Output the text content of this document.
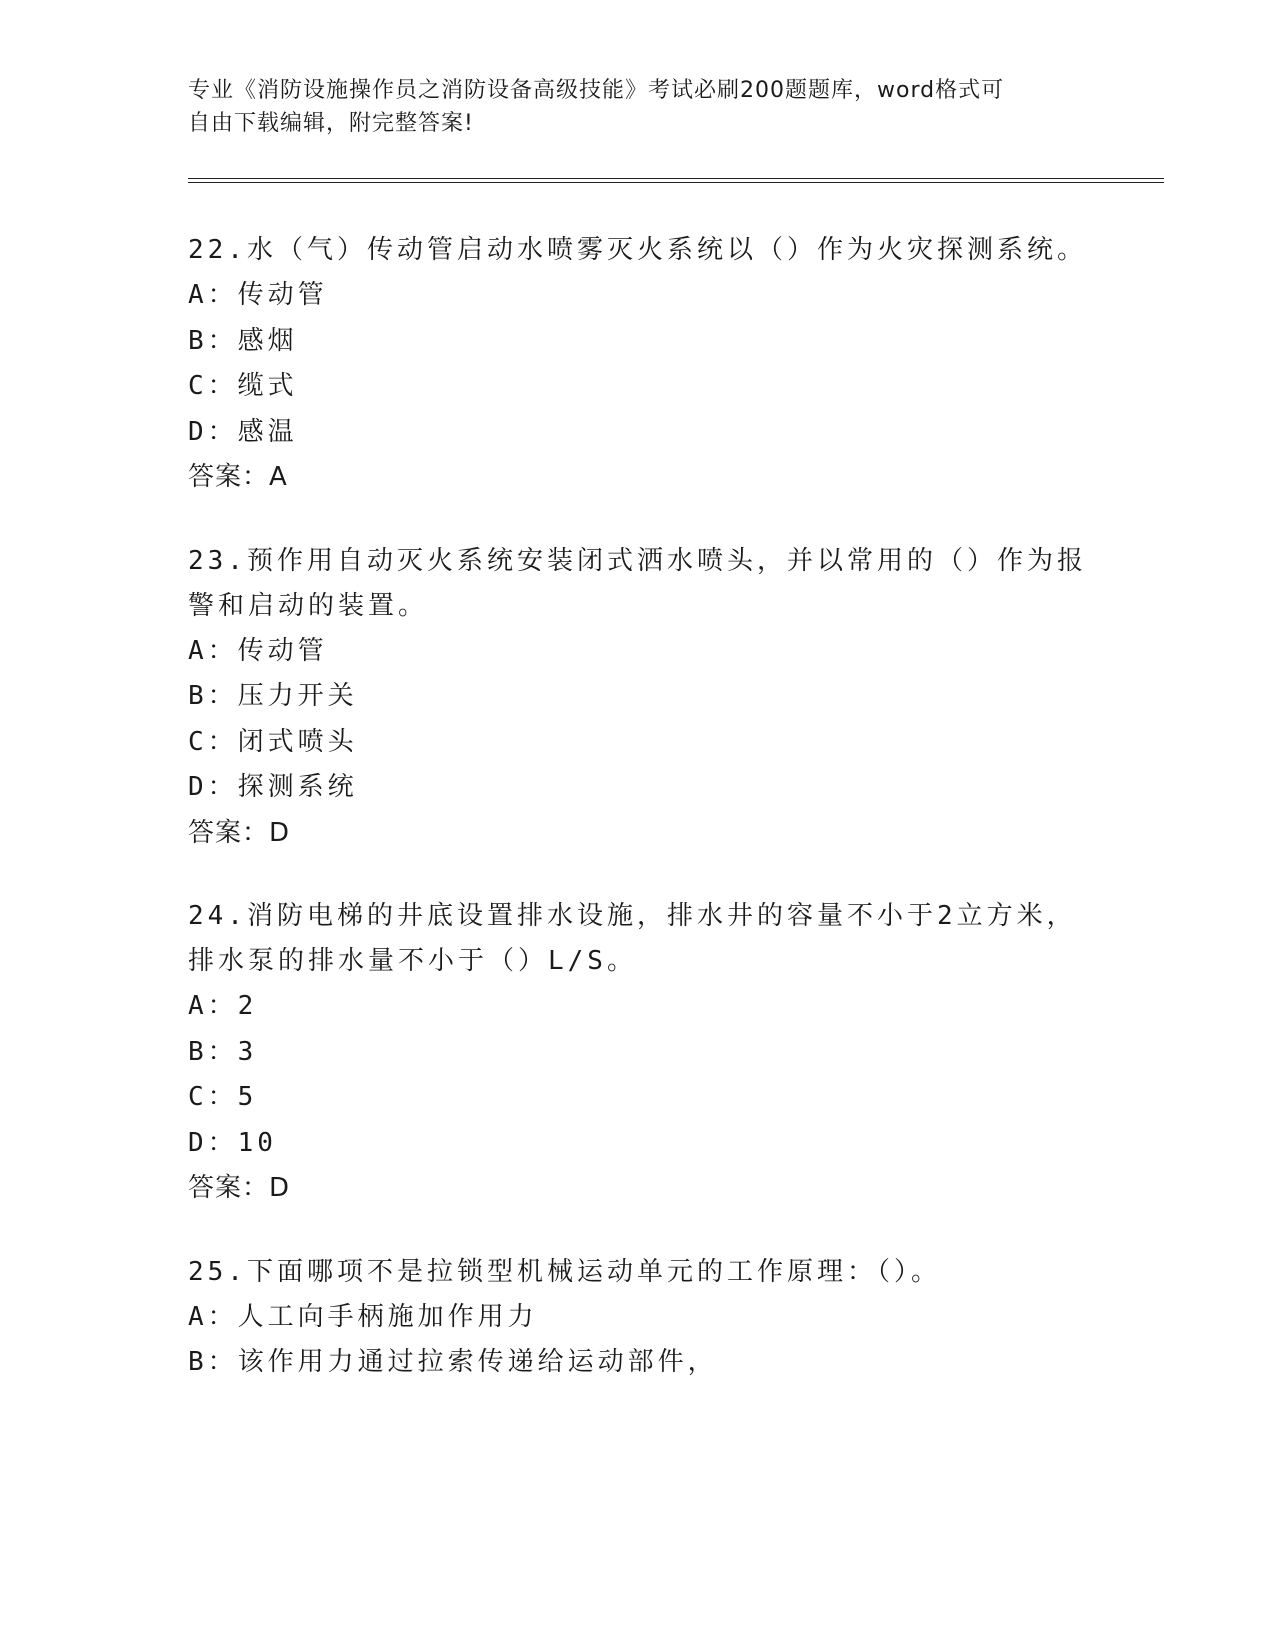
专业《消防设施操作员之消防设备高级技能》考试必刷200题题库，word格式可

自由下载编辑，附完整答案!

22.水（气）传动管启动水喷雾灭火系统以（）作为火灾探测系统。

A：传动管

B：感烟

C：缆式

D：感温

答案：A

23.预作用自动灭火系统安装闭式洒水喷头，并以常用的（）作为报警和启动的装置。

A：传动管

B：压力开关

C：闭式喷头

D：探测系统

答案：D

24.消防电梯的井底设置排水设施，排水井的容量不小于2立方米，排水泵的排水量不小于（）L/S。

A：2

B：3

C：5

D：10

答案：D

25.下面哪项不是拉锁型机械运动单元的工作原理：（）。

A：人工向手柄施加作用力

B：该作用力通过拉索传递给运动部件，
